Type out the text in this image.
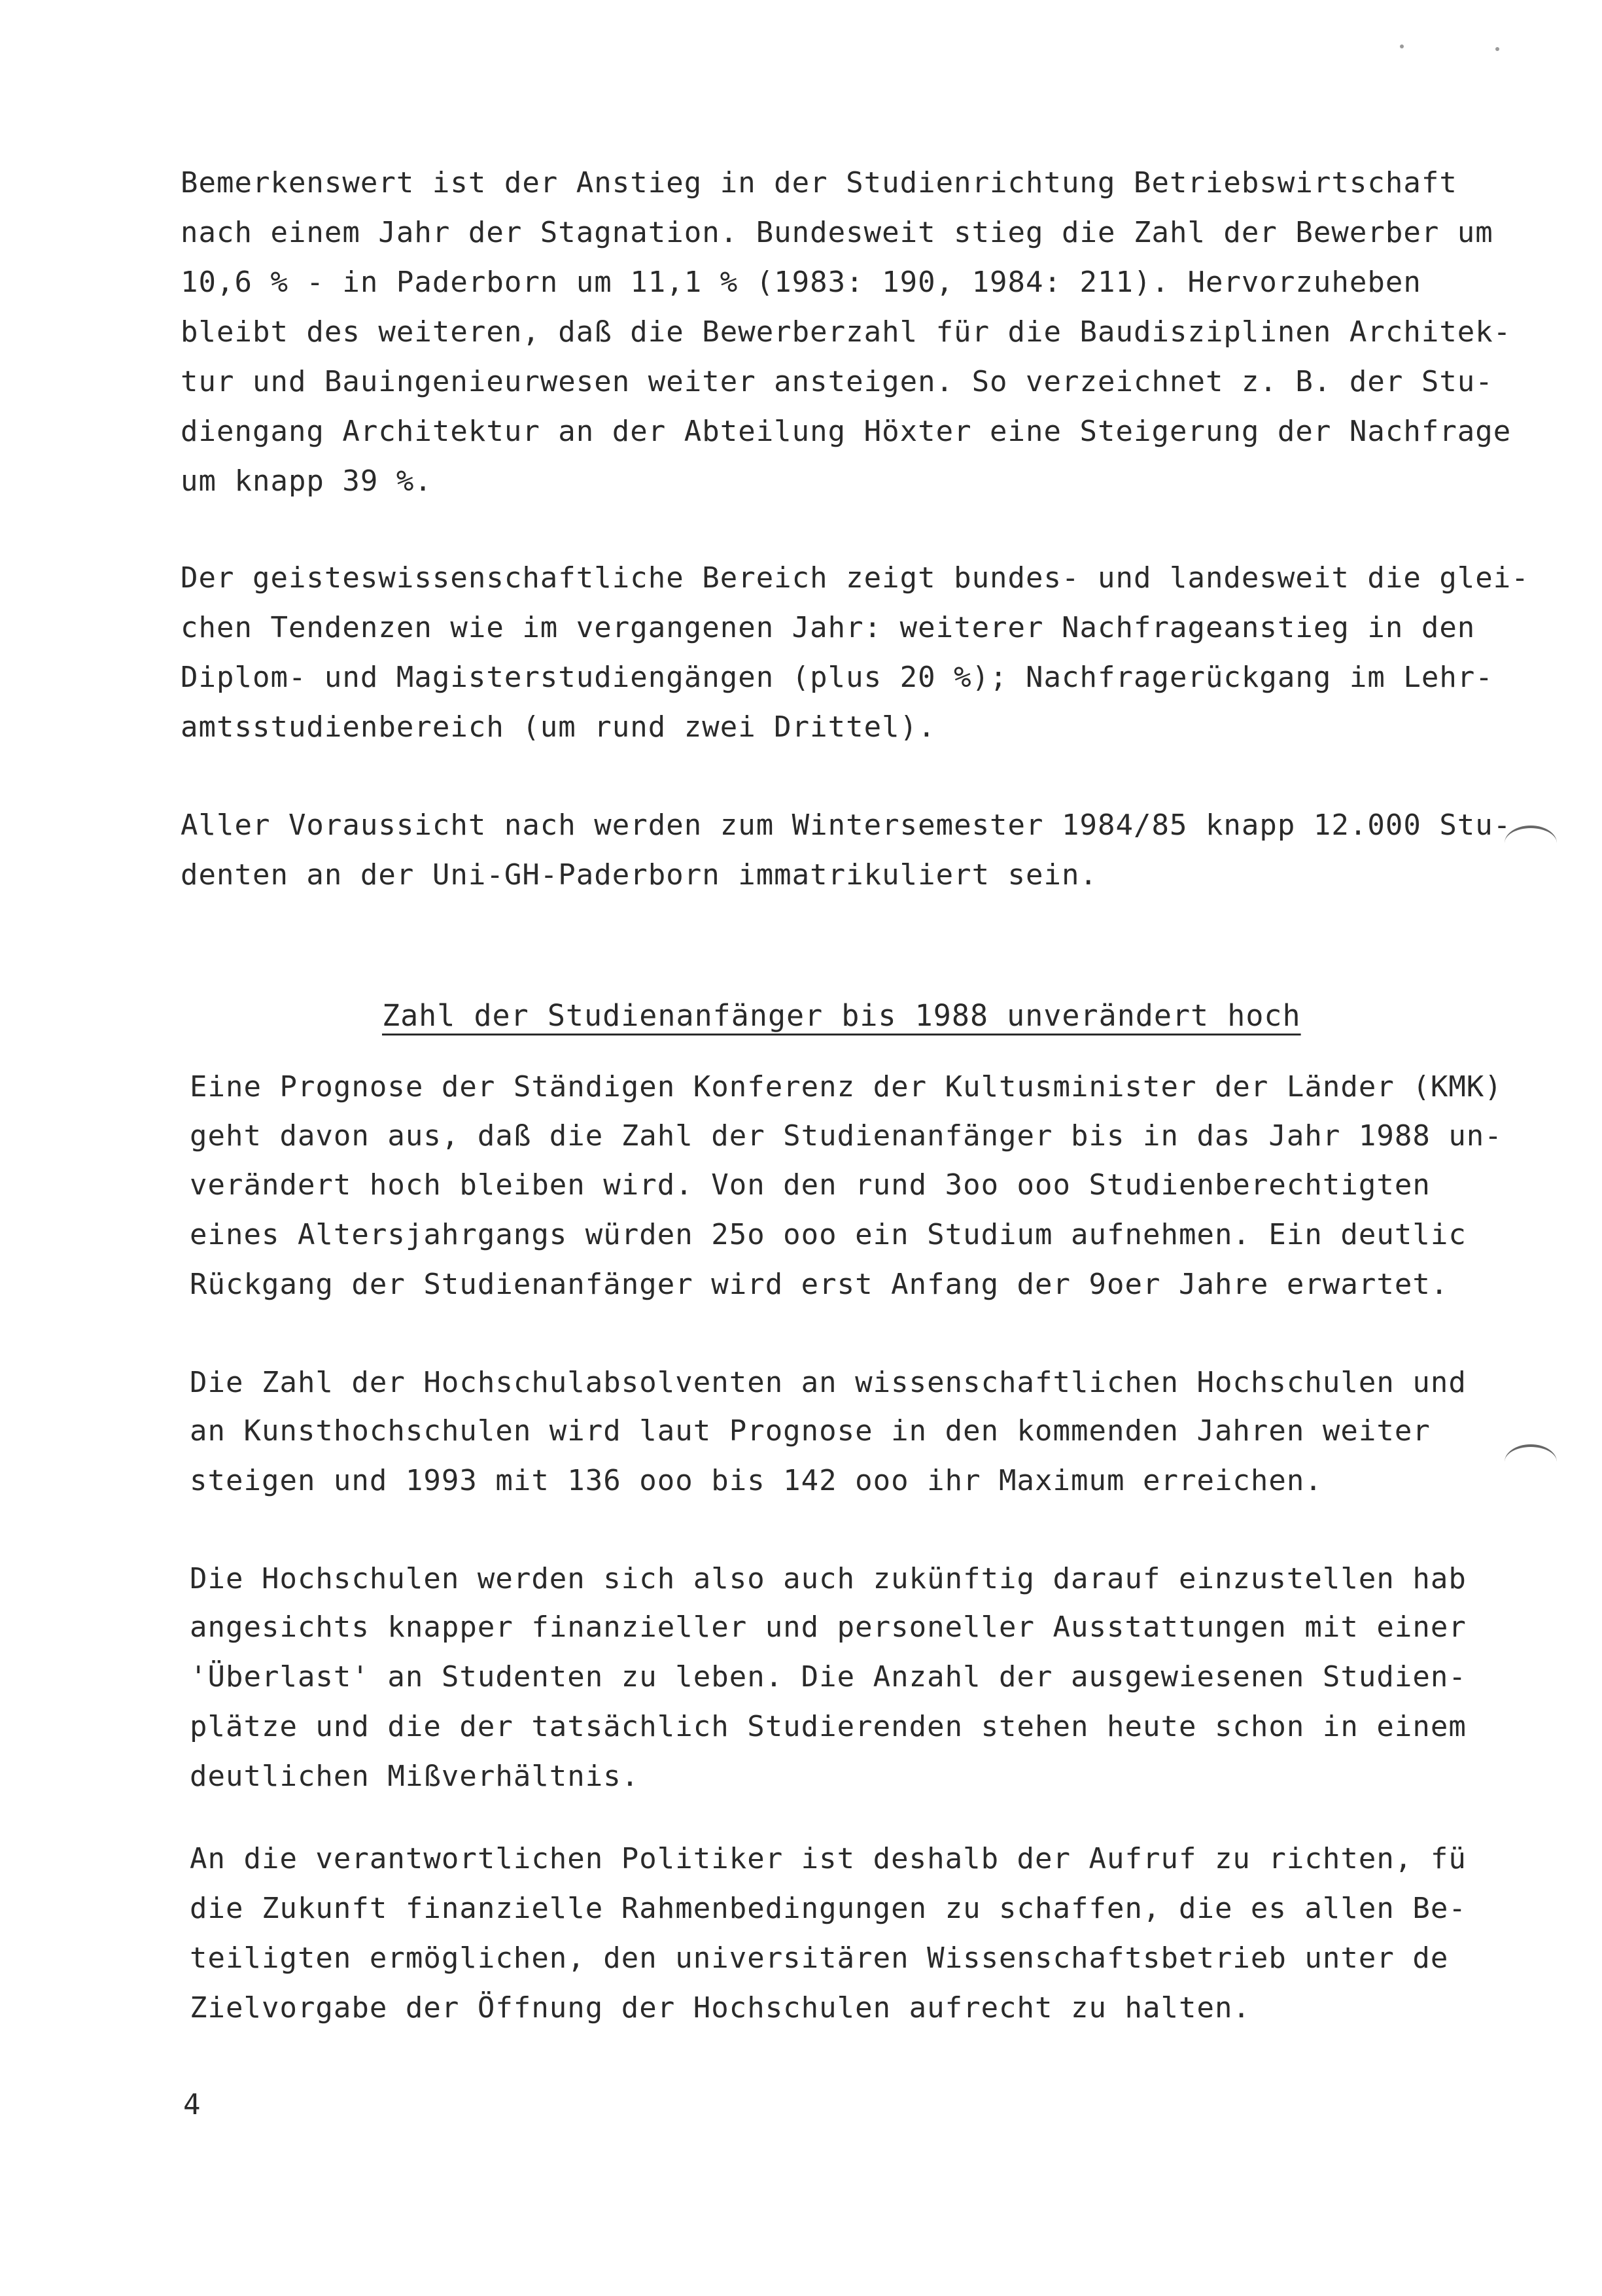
Bemerkenswert ist der Anstieg in der Studienrichtung Betriebswirtschaft
nach einem Jahr der Stagnation. Bundesweit stieg die Zahl der Bewerber um
10,6 % - in Paderborn um 11,1 % (1983: 190, 1984: 211). Hervorzuheben
bleibt des weiteren, daß die Bewerberzahl für die Baudisziplinen Architek-
tur und Bauingenieurwesen weiter ansteigen. So verzeichnet z. B. der Stu-
diengang Architektur an der Abteilung Höxter eine Steigerung der Nachfrage
um knapp 39 %.
Der geisteswissenschaftliche Bereich zeigt bundes- und landesweit die glei-
chen Tendenzen wie im vergangenen Jahr: weiterer Nachfrageanstieg in den
Diplom- und Magisterstudiengängen (plus 20 %); Nachfragerückgang im Lehr-
amtsstudienbereich (um rund zwei Drittel).
Aller Voraussicht nach werden zum Wintersemester 1984/85 knapp 12.000 Stu-
denten an der Uni-GH-Paderborn immatrikuliert sein.
Zahl der Studienanfänger bis 1988 unverändert hoch
Eine Prognose der Ständigen Konferenz der Kultusminister der Länder (KMK)
geht davon aus, daß die Zahl der Studienanfänger bis in das Jahr 1988 un-
verändert hoch bleiben wird. Von den rund 3oo ooo Studienberechtigten
eines Altersjahrgangs würden 25o ooo ein Studium aufnehmen. Ein deutlic
Rückgang der Studienanfänger wird erst Anfang der 9oer Jahre erwartet.
Die Zahl der Hochschulabsolventen an wissenschaftlichen Hochschulen und
an Kunsthochschulen wird laut Prognose in den kommenden Jahren weiter
steigen und 1993 mit 136 ooo bis 142 ooo ihr Maximum erreichen.
Die Hochschulen werden sich also auch zukünftig darauf einzustellen hab
angesichts knapper finanzieller und personeller Ausstattungen mit einer
'Überlast' an Studenten zu leben. Die Anzahl der ausgewiesenen Studien-
plätze und die der tatsächlich Studierenden stehen heute schon in einem
deutlichen Mißverhältnis.
An die verantwortlichen Politiker ist deshalb der Aufruf zu richten, fü
die Zukunft finanzielle Rahmenbedingungen zu schaffen, die es allen Be-
teiligten ermöglichen, den universitären Wissenschaftsbetrieb unter de
Zielvorgabe der Öffnung der Hochschulen aufrecht zu halten.
4
